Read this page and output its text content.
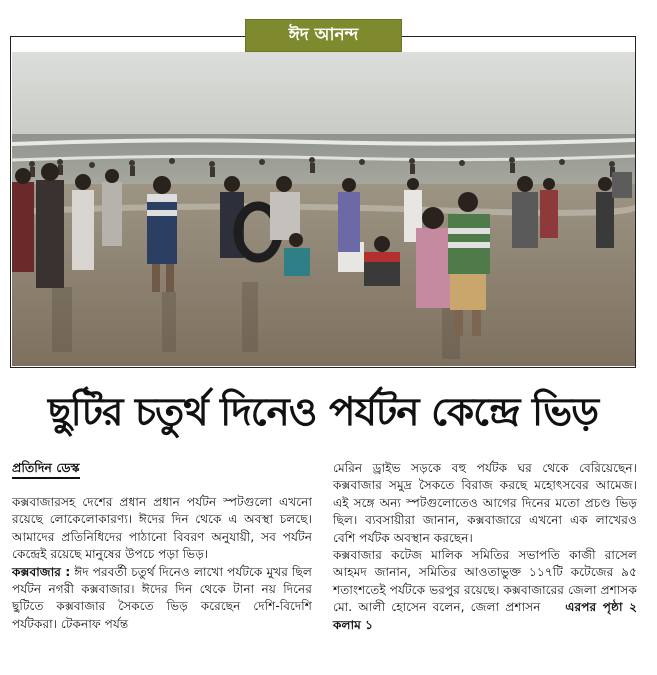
ঈদ আনন্দ
ছুটির চতুর্থ দিনেও পর্যটন কেন্দ্রে ভিড়
প্রতিদিন ডেস্ক

কক্সবাজারসহ দেশের প্রধান প্রধান পর্যটন স্পটগুলো এখনো রয়েছে লোকেলোকারণ্য। ঈদের দিন থেকে এ অবস্থা চলছে। আমাদের প্রতিনিধিদের পাঠানো বিবরণ অনুযায়ী, সব পর্যটন কেন্দ্রেই রয়েছে মানুষের উপচে পড়া ভিড়।

কক্সবাজার : ঈদ পরবর্তী চতুর্থ দিনেও লাখো পর্যটকে মুখর ছিল পর্যটন নগরী কক্সবাজার। ঈদের দিন থেকে টানা নয় দিনের ছুটিতে কক্সবাজার সৈকতে ভিড় করেছেন দেশি-বিদেশি পর্যটকরা। টেকনাফ পর্যন্ত

মেরিন ড্রাইভ সড়কে বহু পর্যটক ঘর থেকে বেরিয়েছেন। কক্সবাজার সমুদ্র সৈকতে বিরাজ করছে মহোৎসবের আমেজ। এই সঙ্গে অন্য স্পটগুলোতেও আগের দিনের মতো প্রচণ্ড ভিড় ছিল। ব্যবসায়ীরা জানান, কক্সবাজারে এখনো এক লাখেরও বেশি পর্যটক অবস্থান করছেন।

কক্সবাজার কটেজ মালিক সমিতির সভাপতি কাজী রাসেল আহমদ জানান, সমিতির আওতাভুক্ত ১১৭টি কটেজের ৯৫ শতাংশতেই পর্যটকে ভরপুর রয়েছে। কক্সবাজারের জেলা প্রশাসক মো. আলী হোসেন বলেন, জেলা প্রশাসন এরপর পৃষ্ঠা ২ কলাম ১
